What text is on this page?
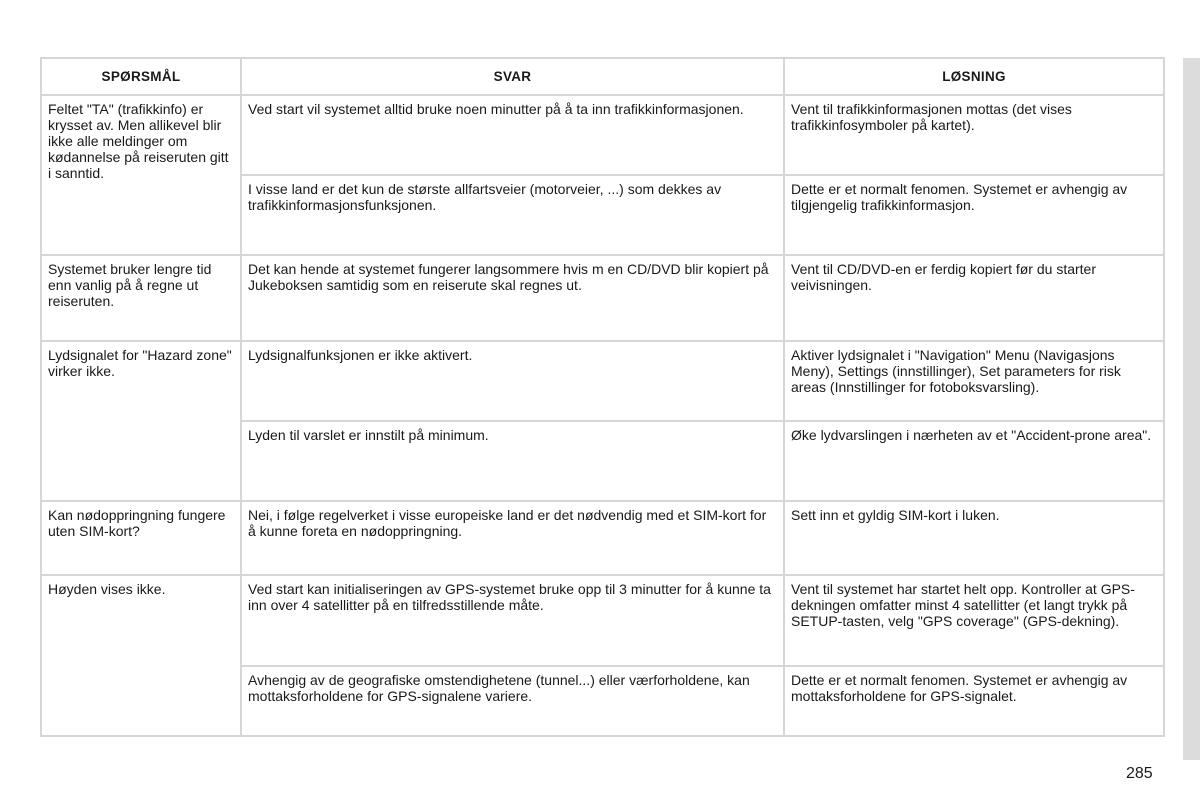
SPØRSMÅL	SVAR	LØSNING
Feltet "TA" (trafikkinfo) er krysset av. Men allikevel blir ikke alle meldinger om kødannelse på reiseruten gitt i sanntid.	Ved start vil systemet alltid bruke noen minutter på å ta inn trafikkinformasjonen.	Vent til trafikkinformasjonen mottas (det vises trafikkinfosymboler på kartet).
	I visse land er det kun de største allfartsveier (motorveier, ...) som dekkes av trafikkinformasjonsfunksjonen.	Dette er et normalt fenomen. Systemet er avhengig av tilgjengelig trafikkinformasjon.
Systemet bruker lengre tid enn vanlig på å regne ut reiseruten.	Det kan hende at systemet fungerer langsommere hvis m en CD/DVD blir kopiert på Jukeboksen samtidig som en reiserute skal regnes ut.	Vent til CD/DVD-en er ferdig kopiert før du starter veivisningen.
Lydsignalet for "Hazard zone" virker ikke.	Lydsignalfunksjonen er ikke aktivert.	Aktiver lydsignalet i "Navigation" Menu (Navigasjons Meny), Settings (innstillinger), Set parameters for risk areas (Innstillinger for fotoboksvarsling).
	Lyden til varslet er innstilt på minimum.	Øke lydvarslingen i nærheten av et "Accident-prone area".
Kan nødoppringning fungere uten SIM-kort?	Nei, i følge regelverket i visse europeiske land er det nødvendig med et SIM-kort for å kunne foreta en nødoppringning.	Sett inn et gyldig SIM-kort i luken.
Høyden vises ikke.	Ved start kan initialiseringen av GPS-systemet bruke opp til 3 minutter for å kunne ta inn over 4 satellitter på en tilfredsstillende måte.	Vent til systemet har startet helt opp. Kontroller at GPS-dekningen omfatter minst 4 satellitter (et langt trykk på SETUP-tasten, velg "GPS coverage" (GPS-dekning).
	Avhengig av de geografiske omstendighetene (tunnel...) eller værforholdene, kan mottaksforholdene for GPS-signalene variere.	Dette er et normalt fenomen. Systemet er avhengig av mottaksforholdene for GPS-signalet.
285
